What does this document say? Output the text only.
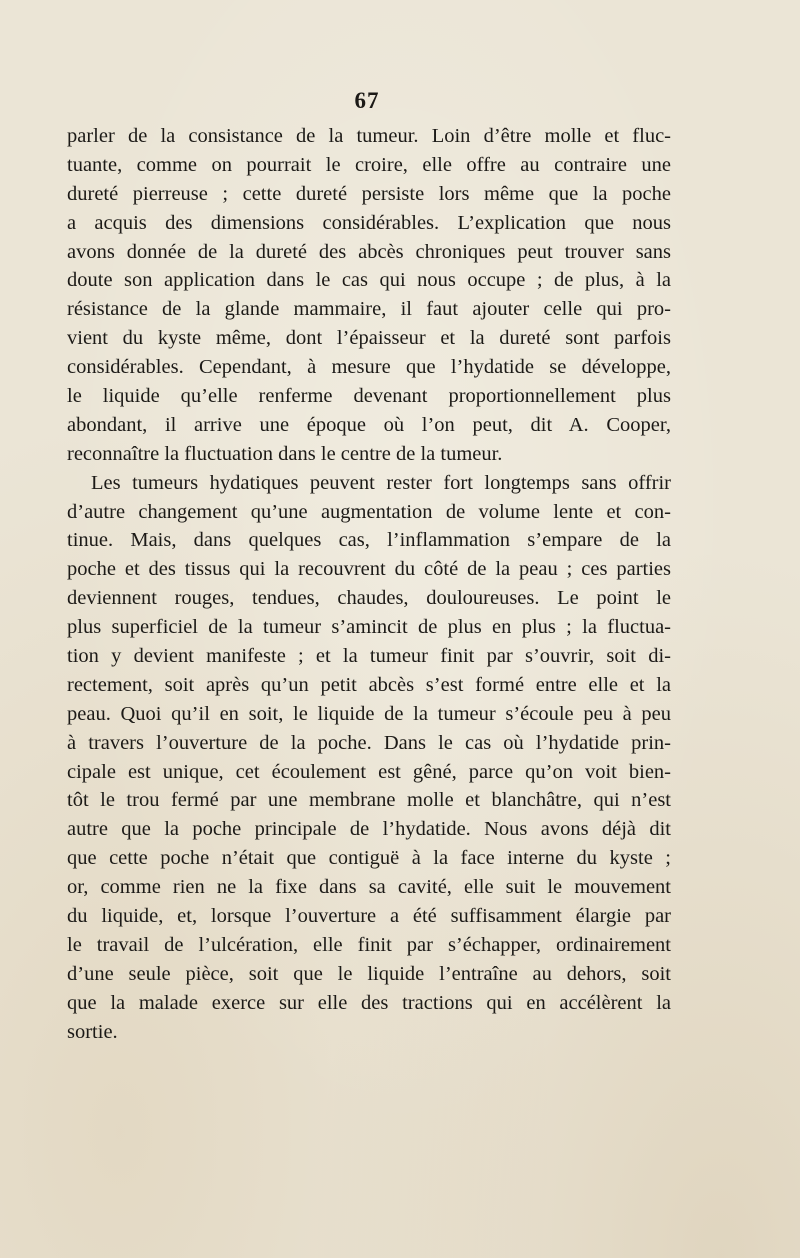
67
parler de la consistance de la tumeur. Loin d’être molle et fluc-
tuante, comme on pourrait le croire, elle offre au contraire une
dureté pierreuse ; cette dureté persiste lors même que la poche
a acquis des dimensions considérables. L’explication que nous
avons donnée de la dureté des abcès chroniques peut trouver sans
doute son application dans le cas qui nous occupe ; de plus, à la
résistance de la glande mammaire, il faut ajouter celle qui pro-
vient du kyste même, dont l’épaisseur et la dureté sont parfois
considérables. Cependant, à mesure que l’hydatide se développe,
le liquide qu’elle renferme devenant proportionnellement plus
abondant, il arrive une époque où l’on peut, dit A. Cooper,
reconnaître la fluctuation dans le centre de la tumeur.
Les tumeurs hydatiques peuvent rester fort longtemps sans offrir
d’autre changement qu’une augmentation de volume lente et con-
tinue. Mais, dans quelques cas, l’inflammation s’empare de la
poche et des tissus qui la recouvrent du côté de la peau ; ces parties
deviennent rouges, tendues, chaudes, douloureuses. Le point le
plus superficiel de la tumeur s’amincit de plus en plus ; la fluctua-
tion y devient manifeste ; et la tumeur finit par s’ouvrir, soit di-
rectement, soit après qu’un petit abcès s’est formé entre elle et la
peau. Quoi qu’il en soit, le liquide de la tumeur s’écoule peu à peu
à travers l’ouverture de la poche. Dans le cas où l’hydatide prin-
cipale est unique, cet écoulement est gêné, parce qu’on voit bien-
tôt le trou fermé par une membrane molle et blanchâtre, qui n’est
autre que la poche principale de l’hydatide. Nous avons déjà dit
que cette poche n’était que contiguë à la face interne du kyste ;
or, comme rien ne la fixe dans sa cavité, elle suit le mouvement
du liquide, et, lorsque l’ouverture a été suffisamment élargie par
le travail de l’ulcération, elle finit par s’échapper, ordinairement
d’une seule pièce, soit que le liquide l’entraîne au dehors, soit
que la malade exerce sur elle des tractions qui en accélèrent la
sortie.
